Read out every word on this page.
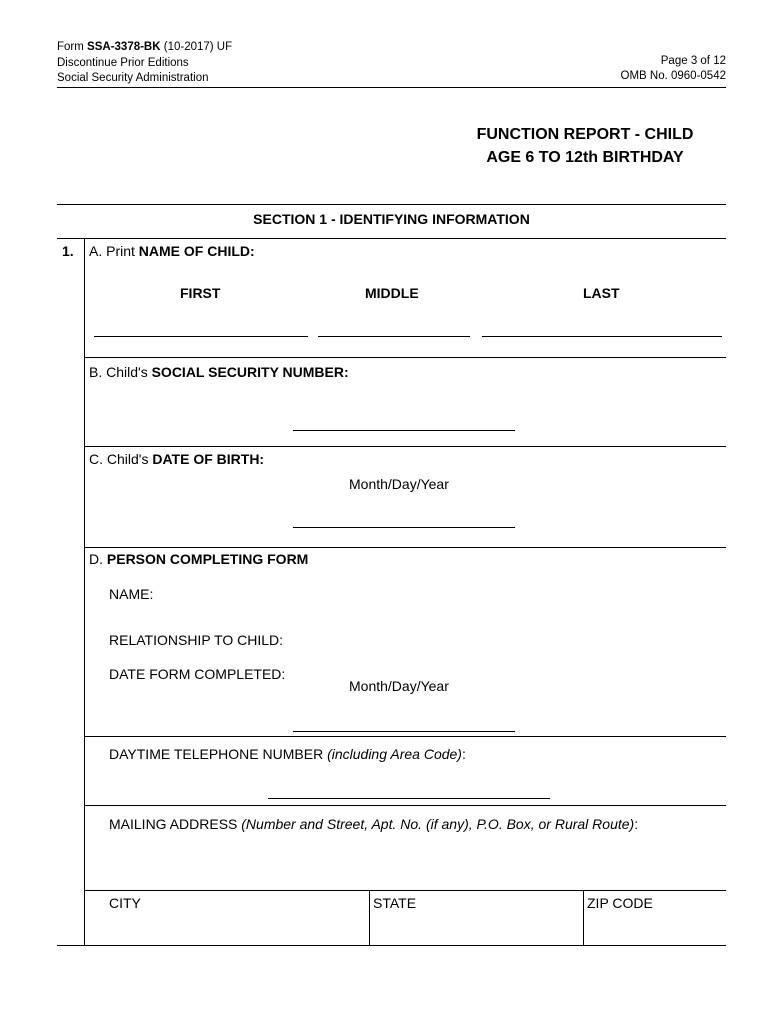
Form SSA-3378-BK (10-2017) UF
Discontinue Prior Editions
Social Security Administration
Page 3 of 12
OMB No. 0960-0542
FUNCTION REPORT - CHILD
AGE 6 TO 12th BIRTHDAY
SECTION 1 - IDENTIFYING INFORMATION
1. A. Print NAME OF CHILD:
FIRST	MIDDLE	LAST
B. Child's SOCIAL SECURITY NUMBER:
C. Child's DATE OF BIRTH:
Month/Day/Year
D. PERSON COMPLETING FORM
NAME:
RELATIONSHIP TO CHILD:
DATE FORM COMPLETED:
Month/Day/Year
DAYTIME TELEPHONE NUMBER (including Area Code):
MAILING ADDRESS (Number and Street, Apt. No. (if any), P.O. Box, or Rural Route):
CITY	STATE	ZIP CODE
